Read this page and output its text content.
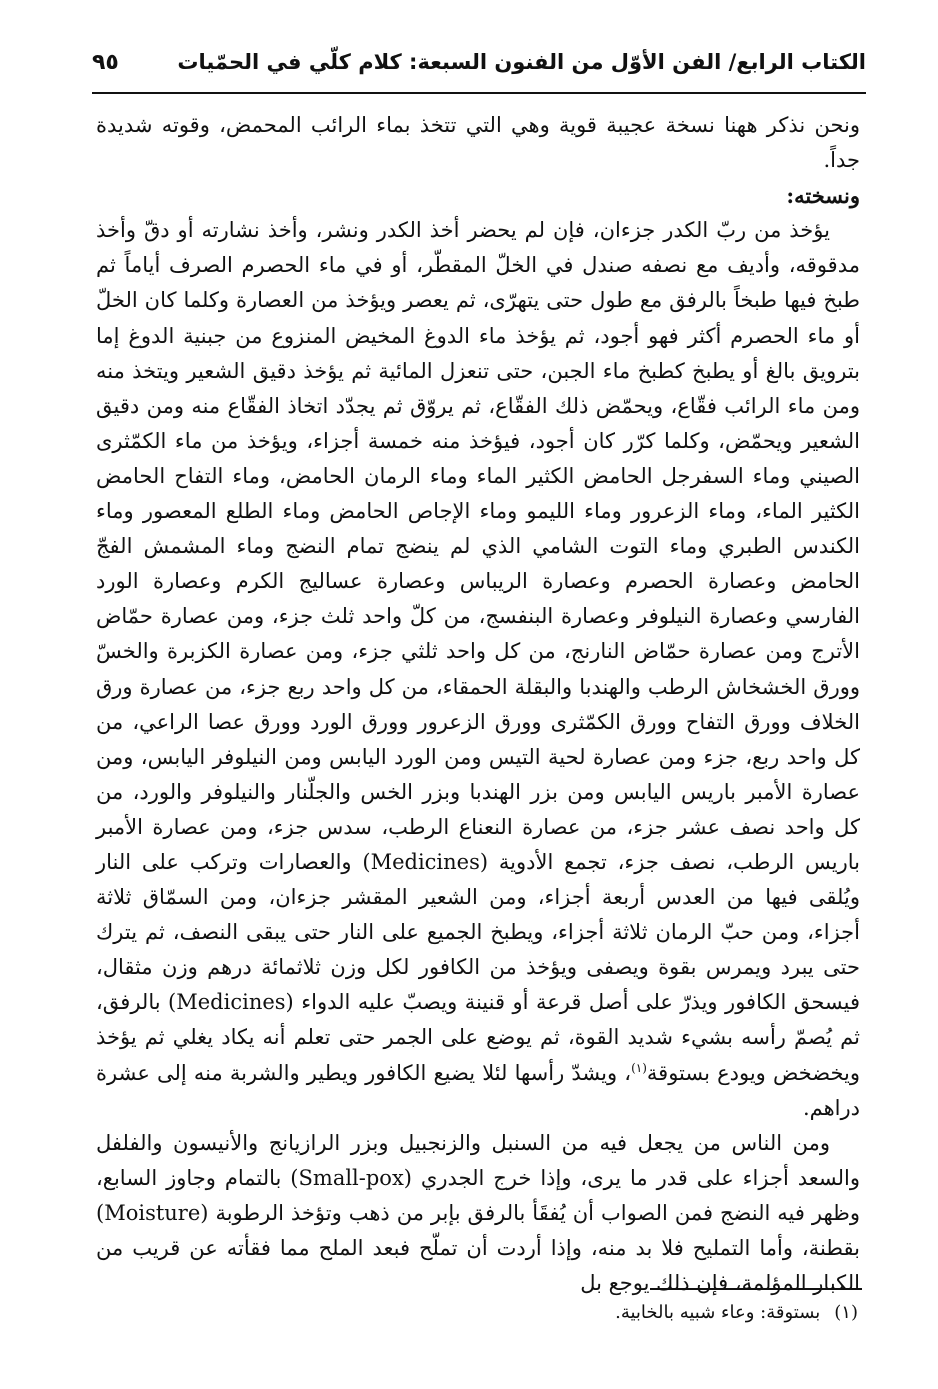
الكتاب الرابع/ الفن الأوّل من الفنون السبعة: كلام كلّي في الحمّيات
٩٥

ونحن نذكر ههنا نسخة عجيبة قوية وهي التي تتخذ بماء الرائب المحمض، وقوته شديدة جداً.

ونسخته:

يؤخذ من ربّ الكدر جزءان، فإن لم يحضر أخذ الكدر ونشر، وأخذ نشارته أو دقّ وأخذ مدقوقه، وأديف مع نصفه صندل في الخلّ المقطّر، أو في ماء الحصرم الصرف أياماً ثم طبخ فيها طبخاً بالرفق مع طول حتى يتهرّى، ثم يعصر ويؤخذ من العصارة وكلما كان الخلّ أو ماء الحصرم أكثر فهو أجود، ثم يؤخذ ماء الدوغ المخيض المنزوع من جبنية الدوغ إما بترويق بالغ أو يطبخ كطبخ ماء الجبن، حتى تنعزل المائية ثم يؤخذ دقيق الشعير ويتخذ منه ومن ماء الرائب فقّاع، ويحمّض ذلك الفقّاع، ثم يروّق ثم يجدّد اتخاذ الفقّاع منه ومن دقيق الشعير ويحمّض، وكلما كرّر كان أجود، فيؤخذ منه خمسة أجزاء، ويؤخذ من ماء الكمّثرى الصيني وماء السفرجل الحامض الكثير الماء وماء الرمان الحامض، وماء التفاح الحامض الكثير الماء، وماء الزعرور وماء الليمو وماء الإجاص الحامض وماء الطلع المعصور وماء الكندس الطبري وماء التوت الشامي الذي لم ينضج تمام النضج وماء المشمش الفجّ الحامض وعصارة الحصرم وعصارة الريباس وعصارة عساليج الكرم وعصارة الورد الفارسي وعصارة النيلوفر وعصارة البنفسج، من كلّ واحد ثلث جزء، ومن عصارة حمّاض الأترج ومن عصارة حمّاض النارنج، من كل واحد ثلثي جزء، ومن عصارة الكزبرة والخسّ وورق الخشخاش الرطب والهندبا والبقلة الحمقاء، من كل واحد ربع جزء، من عصارة ورق الخلاف وورق التفاح وورق الكمّثرى وورق الزعرور وورق الورد وورق عصا الراعي، من كل واحد ربع، جزء ومن عصارة لحية التيس ومن الورد اليابس ومن النيلوفر اليابس، ومن عصارة الأمبر باريس اليابس ومن بزر الهندبا وبزر الخس والجلّنار والنيلوفر والورد، من كل واحد نصف عشر جزء، من عصارة النعناع الرطب، سدس جزء، ومن عصارة الأمبر باريس الرطب، نصف جزء، تجمع الأدوية (Medicines) والعصارات وتركب على النار ويُلقى فيها من العدس أربعة أجزاء، ومن الشعير المقشر جزءان، ومن السمّاق ثلاثة أجزاء، ومن حبّ الرمان ثلاثة أجزاء، ويطبخ الجميع على النار حتى يبقى النصف، ثم يترك حتى يبرد ويمرس بقوة ويصفى ويؤخذ من الكافور لكل وزن ثلاثمائة درهم وزن مثقال، فيسحق الكافور ويذرّ على أصل قرعة أو قنينة ويصبّ عليه الدواء (Medicines) بالرفق، ثم يُصمّ رأسه بشيء شديد القوة، ثم يوضع على الجمر حتى تعلم أنه يكاد يغلي ثم يؤخذ ويخضخض ويودع بستوقة$^{(١)}$، ويشدّ رأسها لئلا يضيع الكافور ويطير والشربة منه إلى عشرة دراهم.

ومن الناس من يجعل فيه من السنبل والزنجبيل وبزر الرازيانج والأنيسون والفلفل والسعد أجزاء على قدر ما يرى، وإذا خرج الجدري (Small-pox) بالتمام وجاوز السابع، وظهر فيه النضج فمن الصواب أن يُفقَأ بالرفق بإبر من ذهب وتؤخذ الرطوبة (Moisture) بقطنة، وأما التمليح فلا بد منه، وإذا أردت أن تملّح فبعد الملح مما فقأته عن قريب من الكبار المؤلمة، فإن ذلك يوجع بل

(١)بستوقة: وعاء شبيه بالخابية.
